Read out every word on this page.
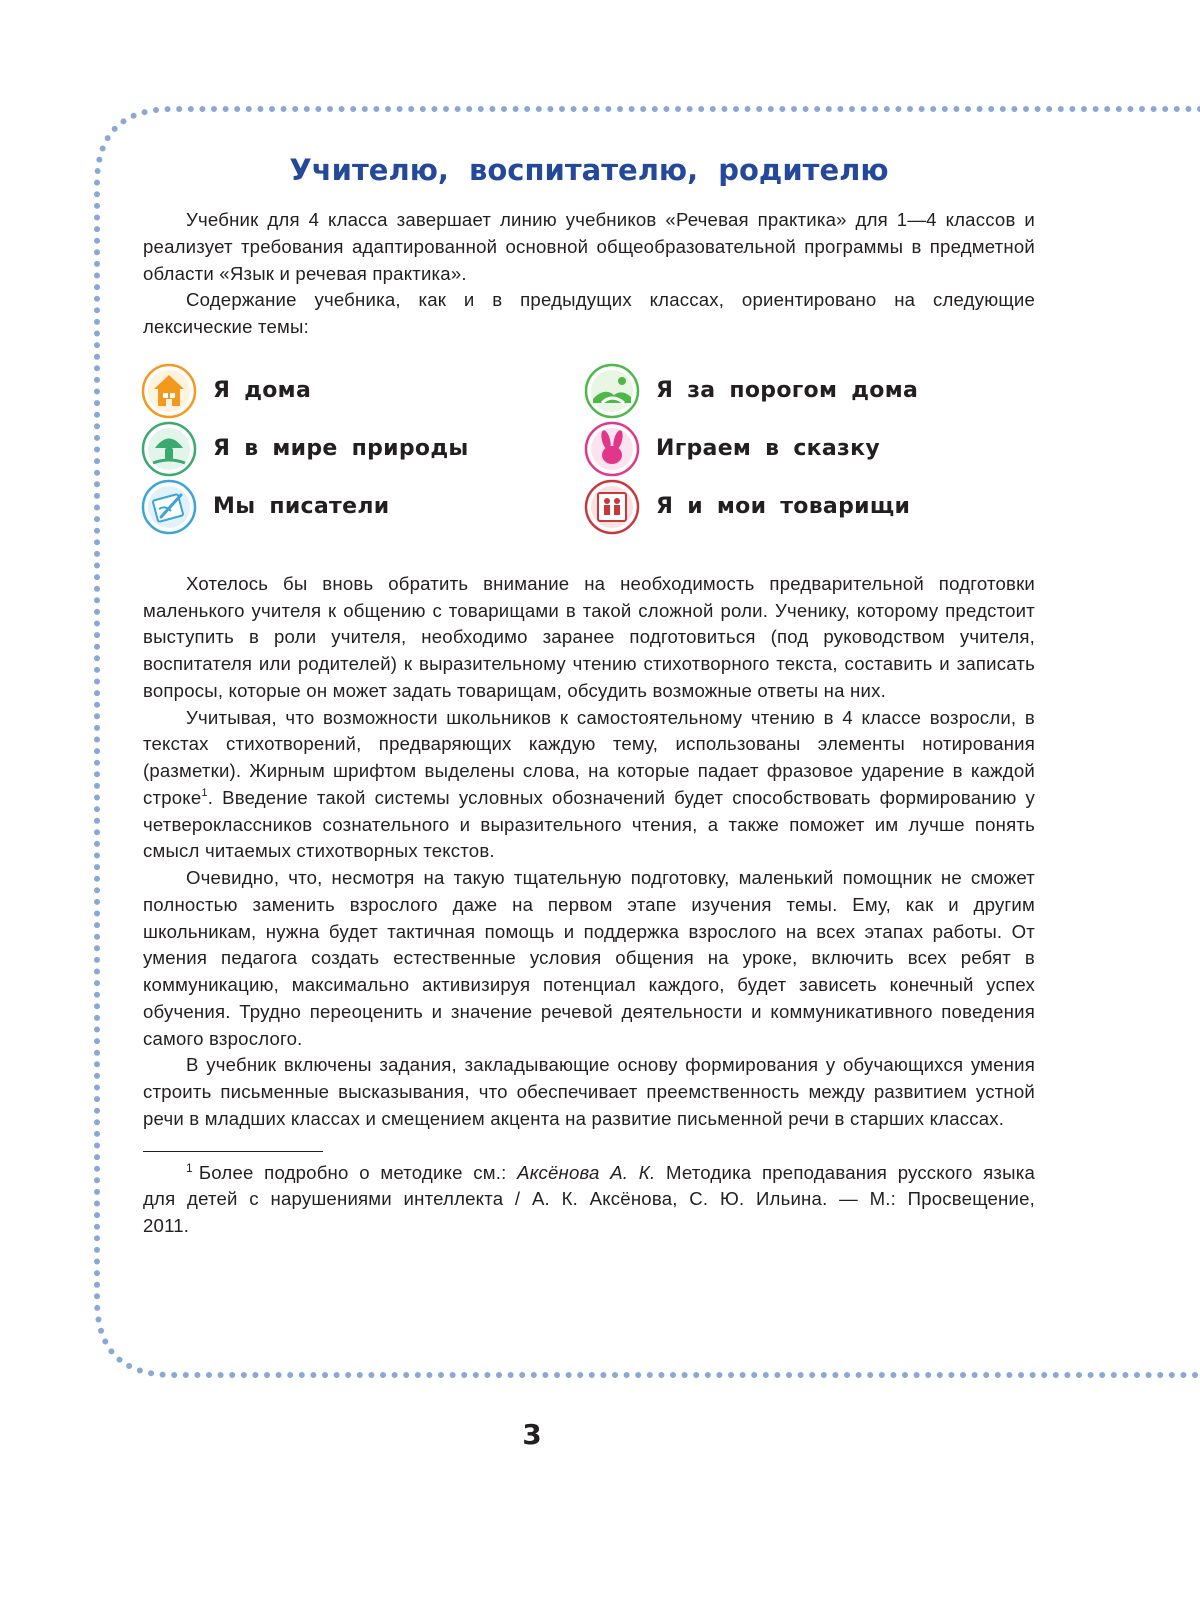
Учителю, воспитателю, родителю

Учебник для 4 класса завершает линию учебников «Речевая практика» для 1—4 классов и реализует требования адаптированной основной общеобразовательной программы в предметной области «Язык и речевая практика».

Содержание учебника, как и в предыдущих классах, ориентировано на следующие лексические темы:

Я дома	Я за порогом дома
Я в мире природы	Играем в сказку
Мы писатели	Я и мои товарищи

Хотелось бы вновь обратить внимание на необходимость предварительной подготовки маленького учителя к общению с товарищами в такой сложной роли. Ученику, которому предстоит выступить в роли учителя, необходимо заранее подготовиться (под руководством учителя, воспитателя или родителей) к выразительному чтению стихотворного текста, составить и записать вопросы, которые он может задать товарищам, обсудить возможные ответы на них.

Учитывая, что возможности школьников к самостоятельному чтению в 4 классе возросли, в текстах стихотворений, предваряющих каждую тему, использованы элементы нотирования (разметки). Жирным шрифтом выделены слова, на которые падает фразовое ударение в каждой строке$^1$. Введение такой системы условных обозначений будет способствовать формированию у четвероклассников сознательного и выразительного чтения, а также поможет им лучше понять смысл читаемых стихотворных текстов.

Очевидно, что, несмотря на такую тщательную подготовку, маленький помощник не сможет полностью заменить взрослого даже на первом этапе изучения темы. Ему, как и другим школьникам, нужна будет тактичная помощь и поддержка взрослого на всех этапах работы. От умения педагога создать естественные условия общения на уроке, включить всех ребят в коммуникацию, максимально активизируя потенциал каждого, будет зависеть конечный успех обучения. Трудно переоценить и значение речевой деятельности и коммуникативного поведения самого взрослого.

В учебник включены задания, закладывающие основу формирования у обучающихся умения строить письменные высказывания, что обеспечивает преемственность между развитием устной речи в младших классах и смещением акцента на развитие письменной речи в старших классах.

$^1$ Более подробно о методике см.: Аксёнова А. К. Методика преподавания русского языка для детей с нарушениями интеллекта / А. К. Аксёнова, С. Ю. Ильина. — М.: Просвещение, 2011.

3
